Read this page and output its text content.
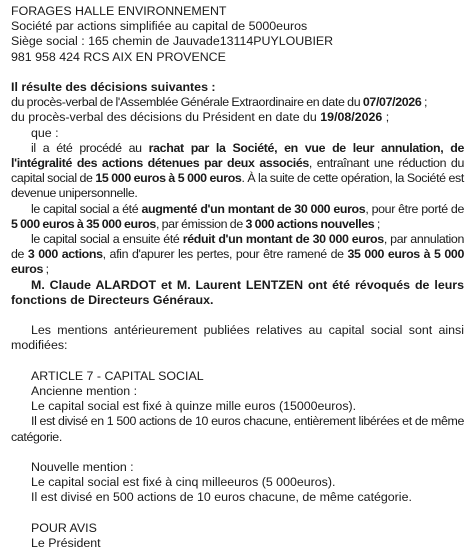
FORAGES HALLE ENVIRONNEMENT
Société par actions simplifiée au capital de 5000euros
Siège social : 165 chemin de Jauvade13114PUYLOUBIER
981 958 424 RCS AIX EN PROVENCE
Il résulte des décisions suivantes :
du procès-verbal de l'Assemblée Générale Extraordinaire en date du 07/07/2026 ;
du procès-verbal des décisions du Président en date du 19/08/2026 ;
que :
il a été procédé au rachat par la Société, en vue de leur annulation, de l'intégralité des actions détenues par deux associés, entraînant une réduction du capital social de 15 000 euros à 5 000 euros. À la suite de cette opération, la Société est devenue unipersonnelle.
le capital social a été augmenté d'un montant de 30 000 euros, pour être porté de 5 000 euros à 35 000 euros, par émission de 3 000 actions nouvelles ;
le capital social a ensuite été réduit d'un montant de 30 000 euros, par annulation de 3 000 actions, afin d'apurer les pertes, pour être ramené de 35 000 euros à 5 000 euros ;
M. Claude ALARDOT et M. Laurent LENTZEN ont été révoqués de leurs fonctions de Directeurs Généraux.
Les mentions antérieurement publiées relatives au capital social sont ainsi modifiées:
ARTICLE 7 - CAPITAL SOCIAL
Ancienne mention :
Le capital social est fixé à quinze mille euros (15000euros).
Il est divisé en 1 500 actions de 10 euros chacune, entièrement libérées et de même catégorie.
Nouvelle mention :
Le capital social est fixé à cinq milleeuros (5 000euros).
Il est divisé en 500 actions de 10 euros chacune, de même catégorie.
POUR AVIS
Le Président
